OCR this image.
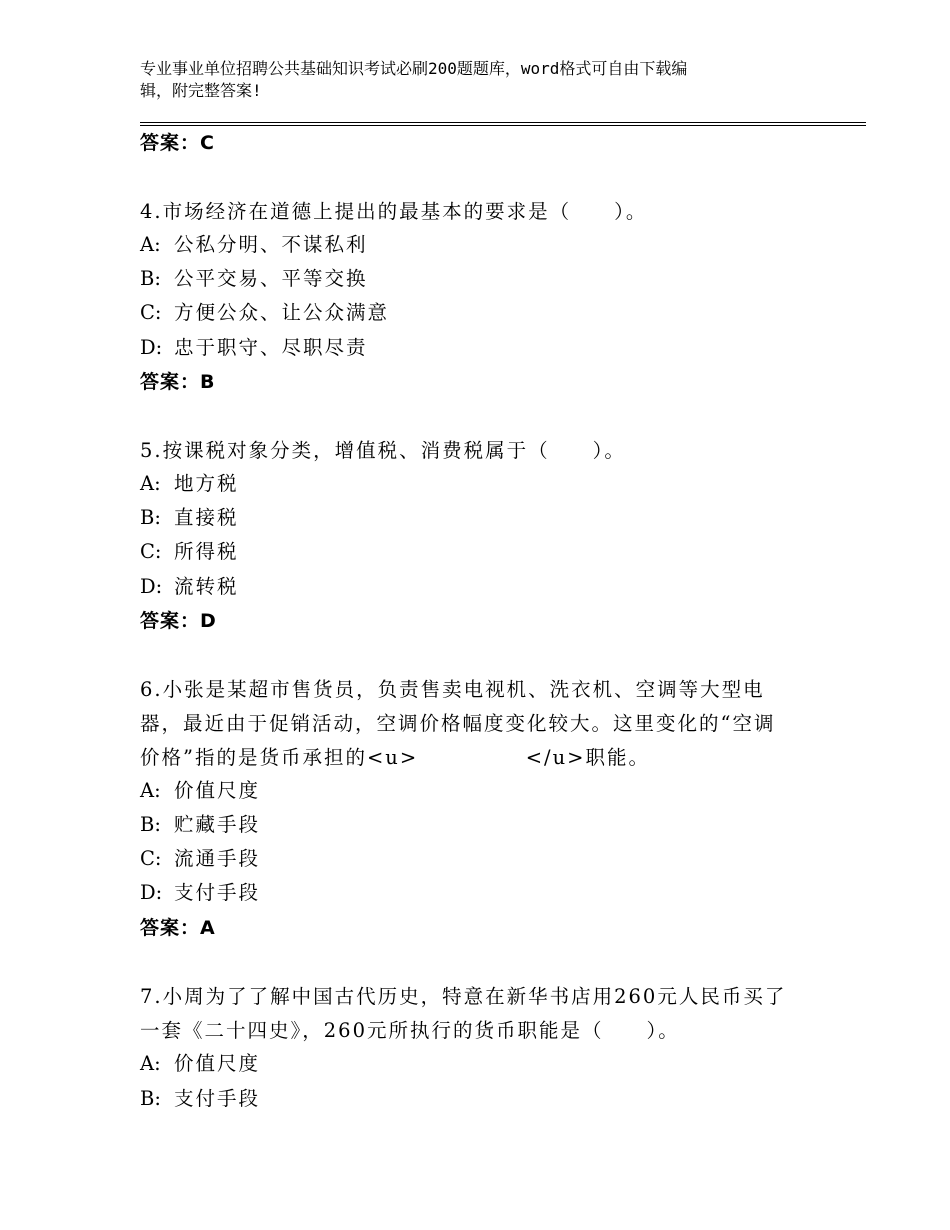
专业事业单位招聘公共基础知识考试必刷200题题库，word格式可自由下载编
辑，附完整答案!
答案：C
4.市场经济在道德上提出的最基本的要求是（　　）。
A: 公私分明、不谋私利
B: 公平交易、平等交换
C: 方便公众、让公众满意
D: 忠于职守、尽职尽责
答案：B
5.按课税对象分类，增值税、消费税属于（　　）。
A: 地方税
B: 直接税
C: 所得税
D: 流转税
答案：D
6.小张是某超市售货员，负责售卖电视机、洗衣机、空调等大型电
器，最近由于促销活动，空调价格幅度变化较大。这里变化的“空调
价格”指的是货币承担的<u>　　　　　</u>职能。
A: 价值尺度
B: 贮藏手段
C: 流通手段
D: 支付手段
答案：A
7.小周为了了解中国古代历史，特意在新华书店用260元人民币买了
一套《二十四史》，260元所执行的货币职能是（　　）。
A: 价值尺度
B: 支付手段
